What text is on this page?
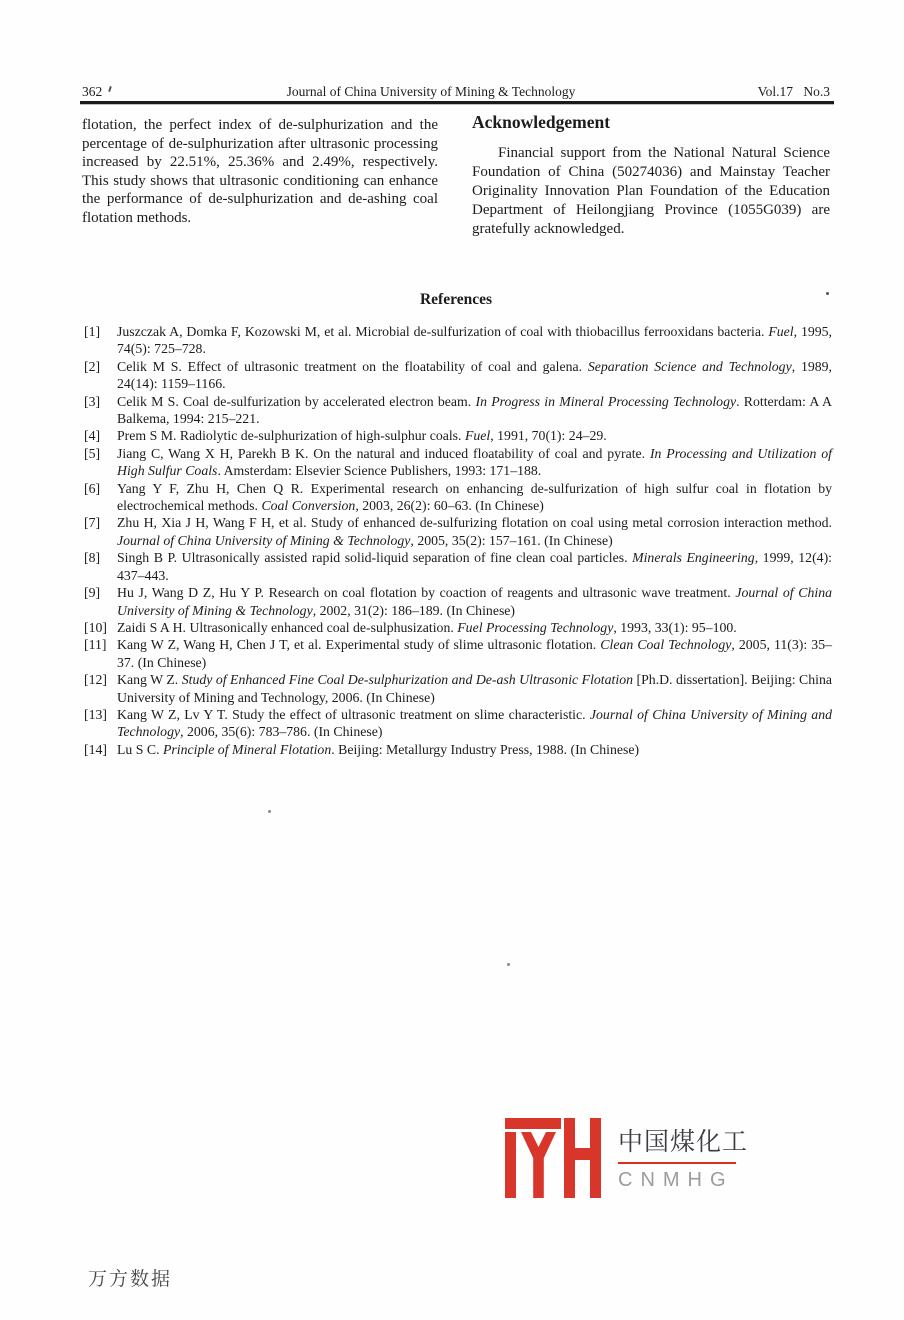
362	Journal of China University of Mining & Technology	Vol.17 No.3
flotation, the perfect index of de-sulphurization and the percentage of de-sulphurization after ultrasonic processing increased by 22.51%, 25.36% and 2.49%, respectively. This study shows that ultrasonic conditioning can enhance the performance of de-sulphurization and de-ashing coal flotation methods.
Acknowledgement
Financial support from the National Natural Science Foundation of China (50274036) and Mainstay Teacher Originality Innovation Plan Foundation of the Education Department of Heilongjiang Province (1055G039) are gratefully acknowledged.
References
[1]	Juszczak A, Domka F, Kozowski M, et al. Microbial de-sulfurization of coal with thiobacillus ferrooxidans bacteria. Fuel, 1995, 74(5): 725–728.
[2]	Celik M S. Effect of ultrasonic treatment on the floatability of coal and galena. Separation Science and Technology, 1989, 24(14): 1159–1166.
[3]	Celik M S. Coal de-sulfurization by accelerated electron beam. In Progress in Mineral Processing Technology. Rotterdam: A A Balkema, 1994: 215–221.
[4]	Prem S M. Radiolytic de-sulphurization of high-sulphur coals. Fuel, 1991, 70(1): 24–29.
[5]	Jiang C, Wang X H, Parekh B K. On the natural and induced floatability of coal and pyrate. In Processing and Utilization of High Sulfur Coals. Amsterdam: Elsevier Science Publishers, 1993: 171–188.
[6]	Yang Y F, Zhu H, Chen Q R. Experimental research on enhancing de-sulfurization of high sulfur coal in flotation by electrochemical methods. Coal Conversion, 2003, 26(2): 60–63. (In Chinese)
[7]	Zhu H, Xia J H, Wang F H, et al. Study of enhanced de-sulfurizing flotation on coal using metal corrosion interaction method. Journal of China University of Mining & Technology, 2005, 35(2): 157–161. (In Chinese)
[8]	Singh B P. Ultrasonically assisted rapid solid-liquid separation of fine clean coal particles. Minerals Engineering, 1999, 12(4): 437–443.
[9]	Hu J, Wang D Z, Hu Y P. Research on coal flotation by coaction of reagents and ultrasonic wave treatment. Journal of China University of Mining & Technology, 2002, 31(2): 186–189. (In Chinese)
[10] Zaidi S A H. Ultrasonically enhanced coal de-sulphusization. Fuel Processing Technology, 1993, 33(1): 95–100.
[11] Kang W Z, Wang H, Chen J T, et al. Experimental study of slime ultrasonic flotation. Clean Coal Technology, 2005, 11(3): 35–37. (In Chinese)
[12] Kang W Z. Study of Enhanced Fine Coal De-sulphurization and De-ash Ultrasonic Flotation [Ph.D. dissertation]. Beijing: China University of Mining and Technology, 2006. (In Chinese)
[13] Kang W Z, Lv Y T. Study the effect of ultrasonic treatment on slime characteristic. Journal of China University of Mining and Technology, 2006, 35(6): 783–786. (In Chinese)
[14] Lu S C. Principle of Mineral Flotation. Beijing: Metallurgy Industry Press, 1988. (In Chinese)
中国煤化工
CNMHG
万方数据
